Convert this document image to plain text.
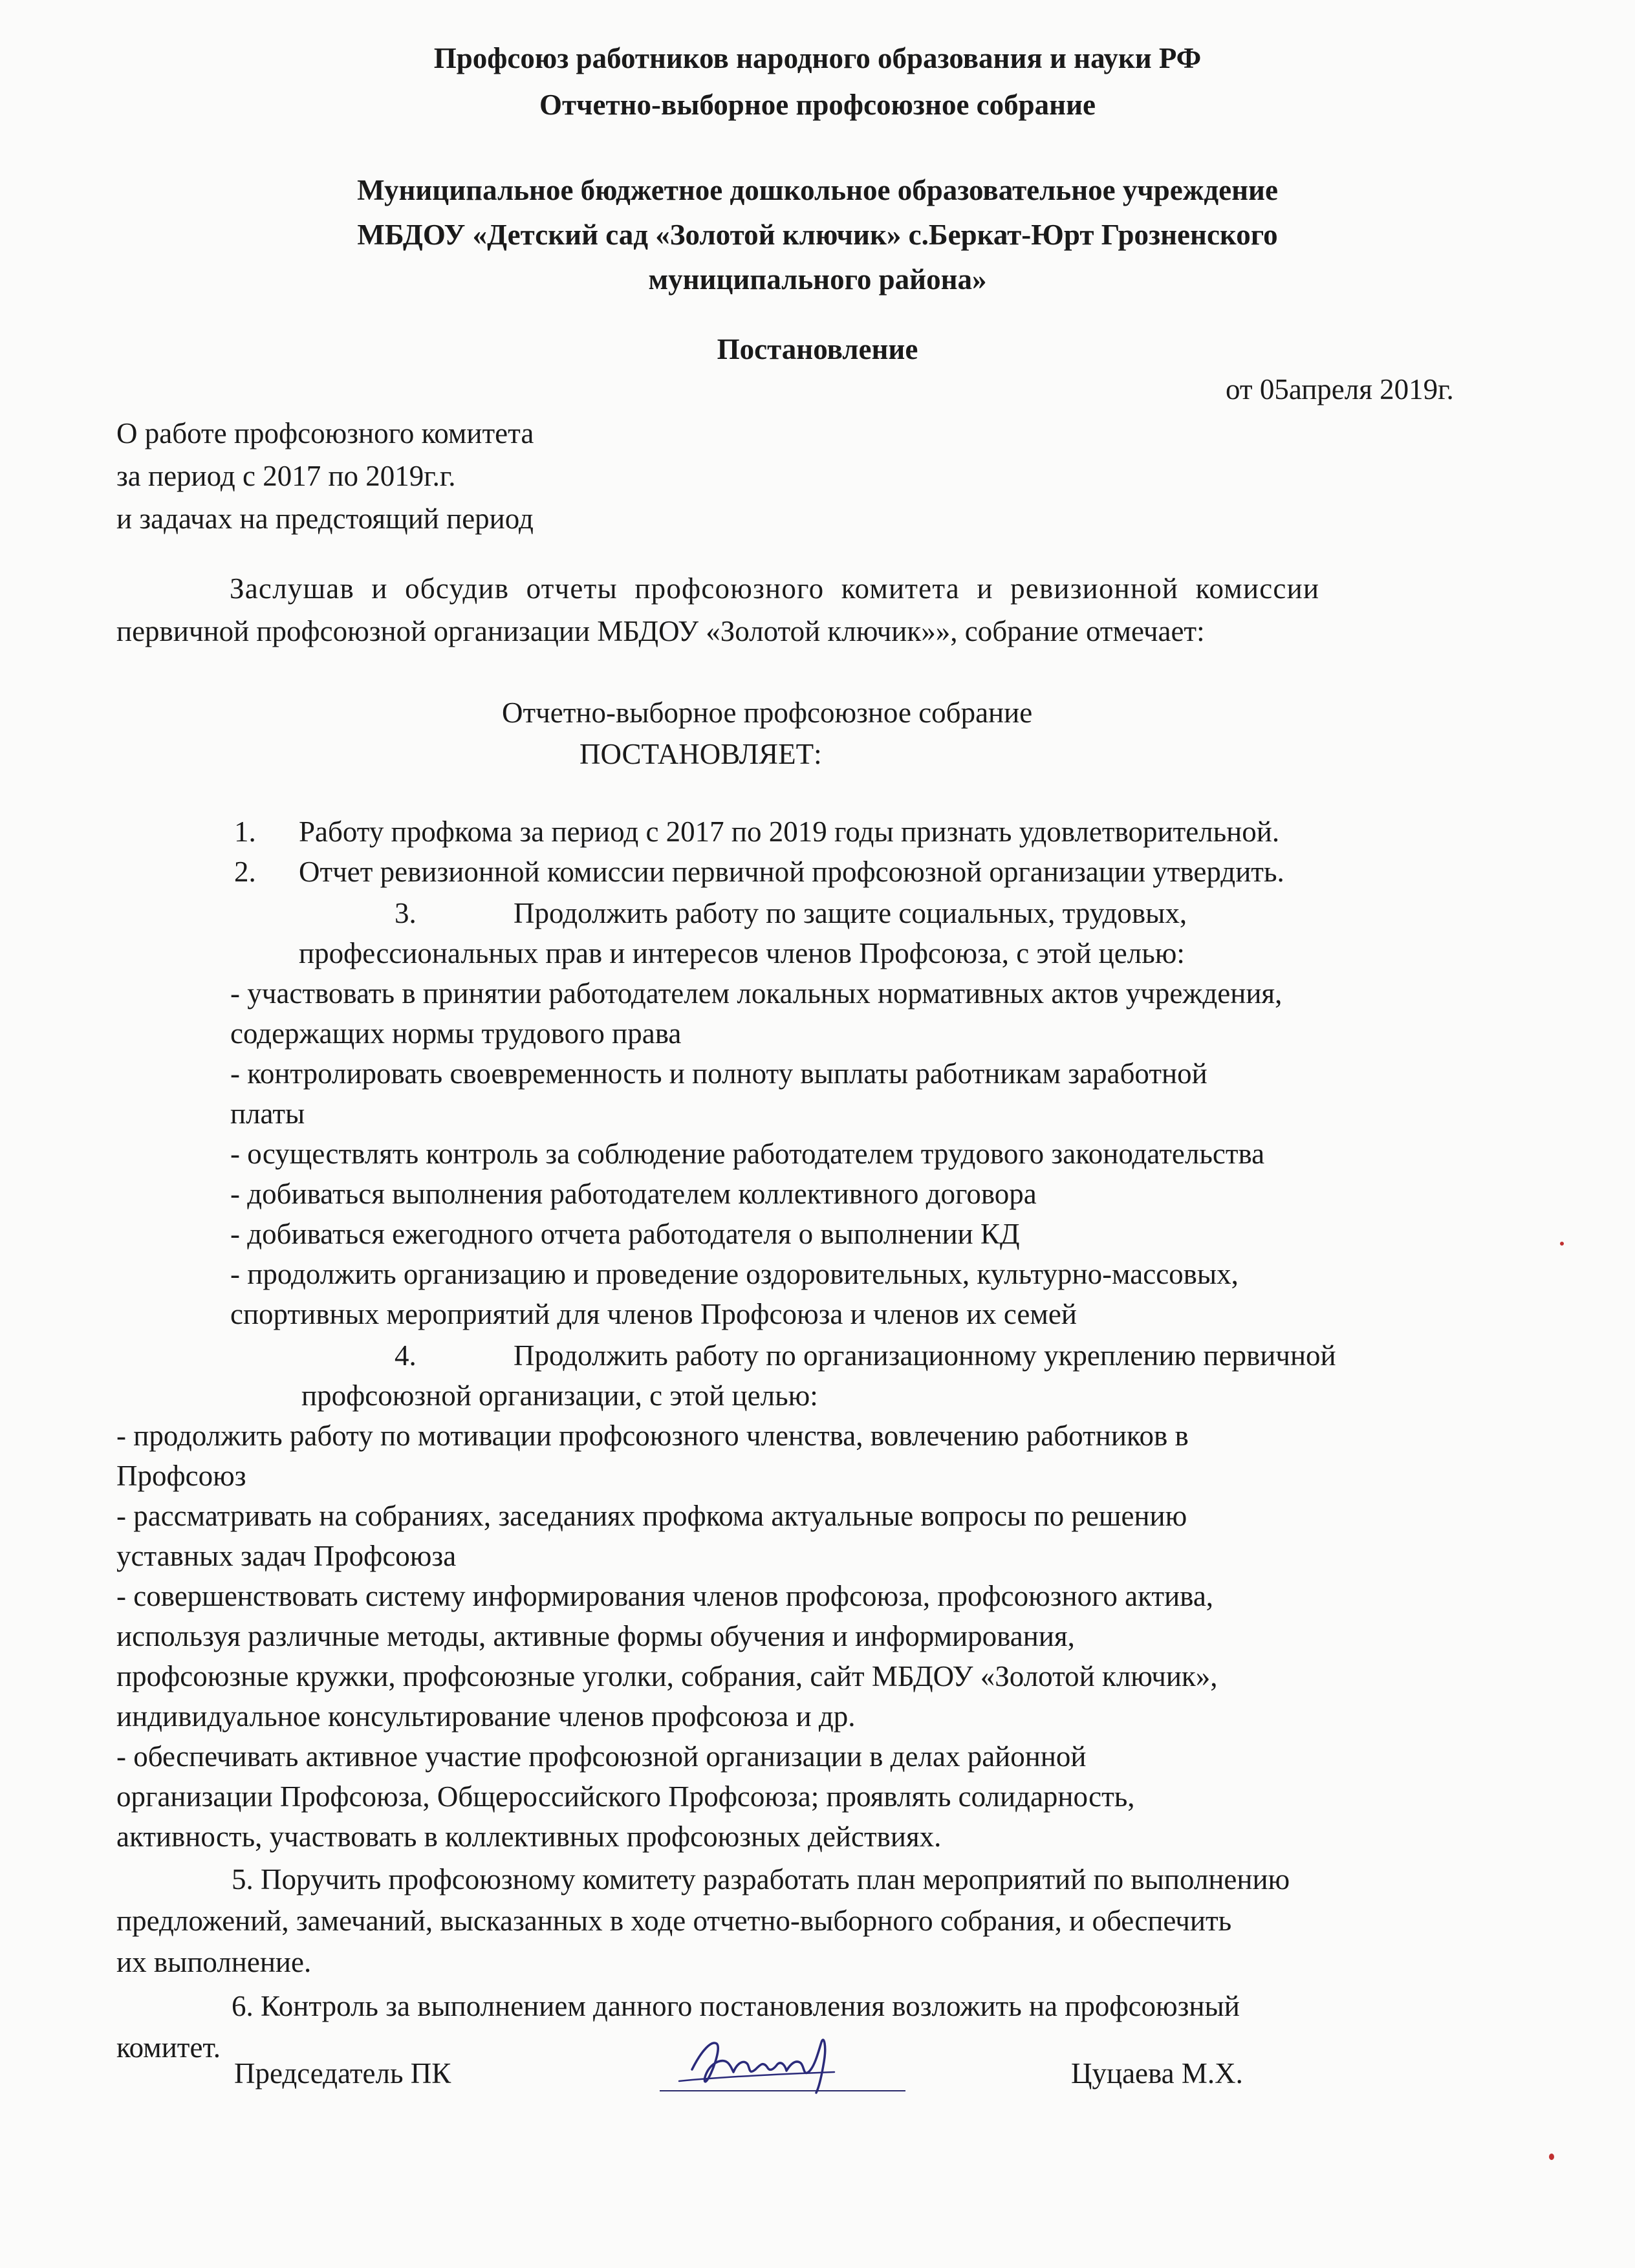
Профсоюз работников народного образования и науки РФ
Отчетно-выборное профсоюзное собрание
Муниципальное бюджетное дошкольное образовательное учреждение
МБДОУ «Детский сад «Золотой ключик» с.Беркат-Юрт Грозненского
муниципального района»
Постановление
от 05апреля 2019г.
О работе профсоюзного комитета
за период с 2017 по 2019г.г.
и задачах на предстоящий период
Заслушав и обсудив отчеты профсоюзного комитета и ревизионной комиссии
первичной профсоюзной организации МБДОУ «Золотой ключик»», собрание отмечает:
Отчетно-выборное профсоюзное собрание
ПОСТАНОВЛЯЕТ:
1. Работу профкома за период с 2017 по 2019 годы признать удовлетворительной.
2. Отчет ревизионной комиссии первичной профсоюзной организации утвердить.
3.	Продолжить работу по защите социальных, трудовых,
профессиональных прав и интересов членов Профсоюза, с этой целью:
- участвовать в принятии работодателем локальных нормативных актов учреждения,
содержащих нормы трудового права
- контролировать своевременность и полноту выплаты работникам заработной
платы
- осуществлять контроль за соблюдение работодателем трудового законодательства
- добиваться выполнения работодателем коллективного договора
- добиваться ежегодного отчета работодателя о выполнении КД
- продолжить организацию и проведение оздоровительных, культурно-массовых,
спортивных мероприятий для членов Профсоюза и членов их семей
4.	Продолжить работу по организационному укреплению первичной
профсоюзной организации, с этой целью:
- продолжить работу по мотивации профсоюзного членства, вовлечению работников в
Профсоюз
- рассматривать на собраниях, заседаниях профкома актуальные вопросы по решению
уставных задач Профсоюза
- совершенствовать систему информирования членов профсоюза, профсоюзного актива,
используя различные методы, активные формы обучения и информирования,
профсоюзные кружки, профсоюзные уголки, собрания, сайт МБДОУ «Золотой ключик»,
индивидуальное консультирование членов профсоюза и др.
- обеспечивать активное участие профсоюзной организации в делах районной
организации Профсоюза, Общероссийского Профсоюза; проявлять солидарность,
активность, участвовать в коллективных профсоюзных действиях.
5. Поручить профсоюзному комитету разработать план мероприятий по выполнению
предложений, замечаний, высказанных в ходе отчетно-выборного собрания, и обеспечить
их выполнение.
6. Контроль за выполнением данного постановления возложить на профсоюзный
комитет.
Председатель ПК	Цуцаева М.Х.
